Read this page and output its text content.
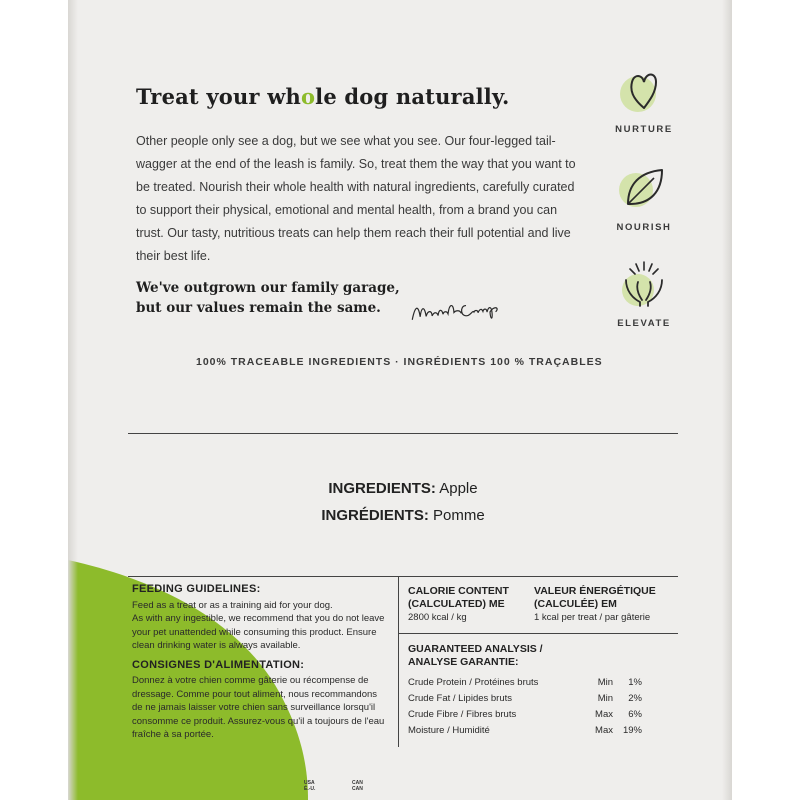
Treat your whole dog naturally.
Other people only see a dog, but we see what you see. Our four-legged tail-wagger at the end of the leash is family. So, treat them the way that you want to be treated. Nourish their whole health with natural ingredients, carefully curated to support their physical, emotional and mental health, from a brand you can trust. Our tasty, nutritious treats can help them reach their full potential and live their best life.
We've outgrown our family garage,
but our values remain the same.
100% TRACEABLE INGREDIENTS · INGRÉDIENTS 100 % TRAÇABLES
NURTURE
NOURISH
ELEVATE
INGREDIENTS: Apple
INGRÉDIENTS: Pomme
FEEDING GUIDELINES:

Feed as a treat or as a training aid for your dog.

As with any ingestible, we recommend that you do not leave your pet unattended while consuming this product. Ensure clean drinking water is always available.

CONSIGNES D'ALIMENTATION:

Donnez à votre chien comme gâterie ou récompense de dressage. Comme pour tout aliment, nous recommandons de ne jamais laisser votre chien sans surveillance lorsqu'il consomme ce produit. Assurez-vous qu'il a toujours de l'eau fraîche à sa portée.

CALORIE CONTENT
(CALCULATED) ME

2800 kcal / kg

VALEUR ÉNERGÉTIQUE
(CALCULÉE) EM

1 kcal per treat / par gâterie

GUARANTEED ANALYSIS /
ANALYSE GARANTIE:
Crude Protein / Protéines bruts	Min	1%
Crude Fat / Lipides bruts	Min	2%
Crude Fibre / Fibres bruts	Max	6%
Moisture / Humidité	Max	19%
USA
É.-U.
CAN
CAN
